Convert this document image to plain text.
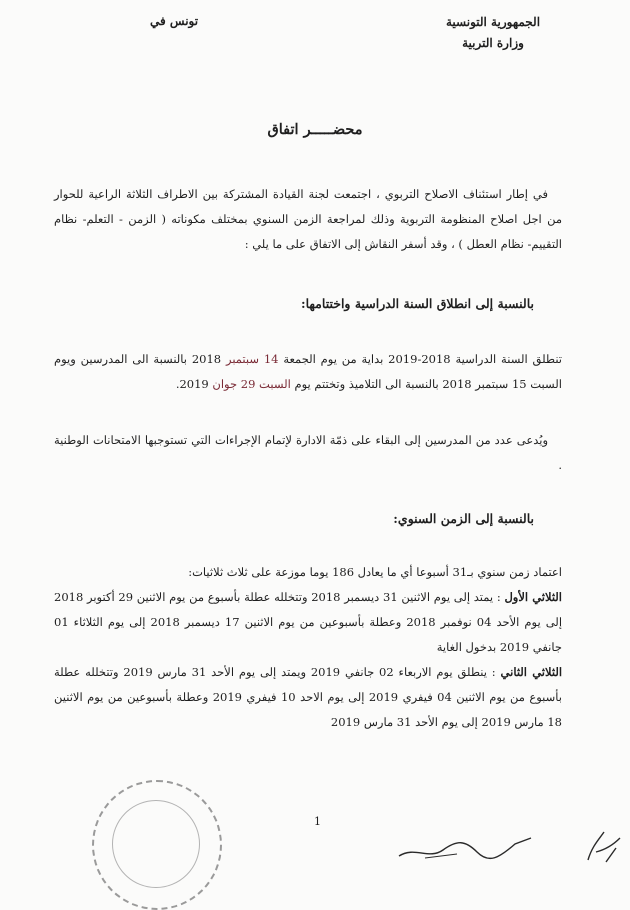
الجمهورية التونسية
وزارة التربية
تونس في
محضـــــر اتفاق

في إطار استئناف الاصلاح التربوي ، اجتمعت لجنة القيادة المشتركة بين الاطراف الثلاثة الراعية للحوار من اجل اصلاح المنظومة التربوية وذلك لمراجعة الزمن السنوي بمختلف مكوناته ( الزمن - التعلم- نظام التقييم- نظام العطل ) ، وقد أسفر النقاش إلى الاتفاق على ما يلي :

بالنسبة إلى انطلاق السنة الدراسية واختتامها:

تنطلق السنة الدراسية 2018-2019 بداية من يوم الجمعة 14 سبتمبر 2018 بالنسبة الى المدرسين ويوم السبت 15 سبتمبر 2018 بالنسبة الى التلاميذ وتختتم يوم السبت 29 جوان 2019.

ويُدعى عدد من المدرسين إلى البقاء على ذمّة الادارة لإتمام الإجراءات التي تستوجبها الامتحانات الوطنية .

بالنسبة إلى الزمن السنوي:

اعتماد زمن سنوي بـ31 أسبوعا أي ما يعادل 186 يوما موزعة على ثلاث ثلاثيات:

الثلاثي الأول : يمتد إلى يوم الاثنين 31 ديسمبر 2018 وتتخلله عطلة بأسبوع من يوم الاثنين 29 أكتوبر 2018 إلى يوم الأحد 04 نوفمبر 2018 وعطلة بأسبوعين من يوم الاثنين 17 ديسمبر 2018 إلى يوم الثلاثاء 01 جانفي 2019 بدخول الغاية

الثلاثي الثاني : ينطلق يوم الاربعاء 02 جانفي 2019 ويمتد إلى يوم الأحد 31 مارس 2019 وتتخلله عطلة بأسبوع من يوم الاثنين 04 فيفري 2019 إلى يوم الاحد 10 فيفري 2019 وعطلة بأسبوعين من يوم الاثنين 18 مارس 2019 إلى يوم الأحد 31 مارس 2019

1
